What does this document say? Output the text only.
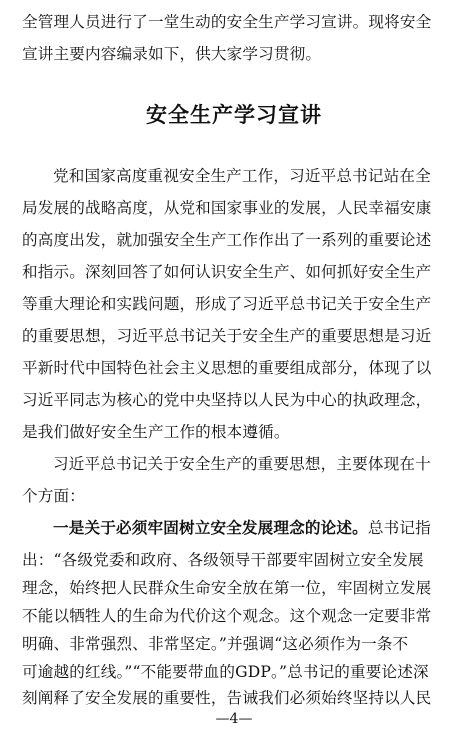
全管理人员进行了一堂生动的安全生产学习宣讲。现将安全
宣讲主要内容编录如下，供大家学习贯彻。
安全生产学习宣讲
党和国家高度重视安全生产工作，习近平总书记站在全
局发展的战略高度，从党和国家事业的发展，人民幸福安康
的高度出发，就加强安全生产工作作出了一系列的重要论述
和指示。深刻回答了如何认识安全生产、如何抓好安全生产
等重大理论和实践问题，形成了习近平总书记关于安全生产
的重要思想，习近平总书记关于安全生产的重要思想是习近
平新时代中国特色社会主义思想的重要组成部分，体现了以
习近平同志为核心的党中央坚持以人民为中心的执政理念，
是我们做好安全生产工作的根本遵循。
习近平总书记关于安全生产的重要思想，主要体现在十
个方面：
一是关于必须牢固树立安全发展理念的论述。总书记指
出：“各级党委和政府、各级领导干部要牢固树立安全发展
理念，始终把人民群众生命安全放在第一位，牢固树立发展
不能以牺牲人的生命为代价这个观念。这个观念一定要非常
明确、非常强烈、非常坚定。”并强调“这必须作为一条不
可逾越的红线。”“不能要带血的GDP。”总书记的重要论述深
刻阐释了安全发展的重要性，告诫我们必须始终坚持以人民
—4—
